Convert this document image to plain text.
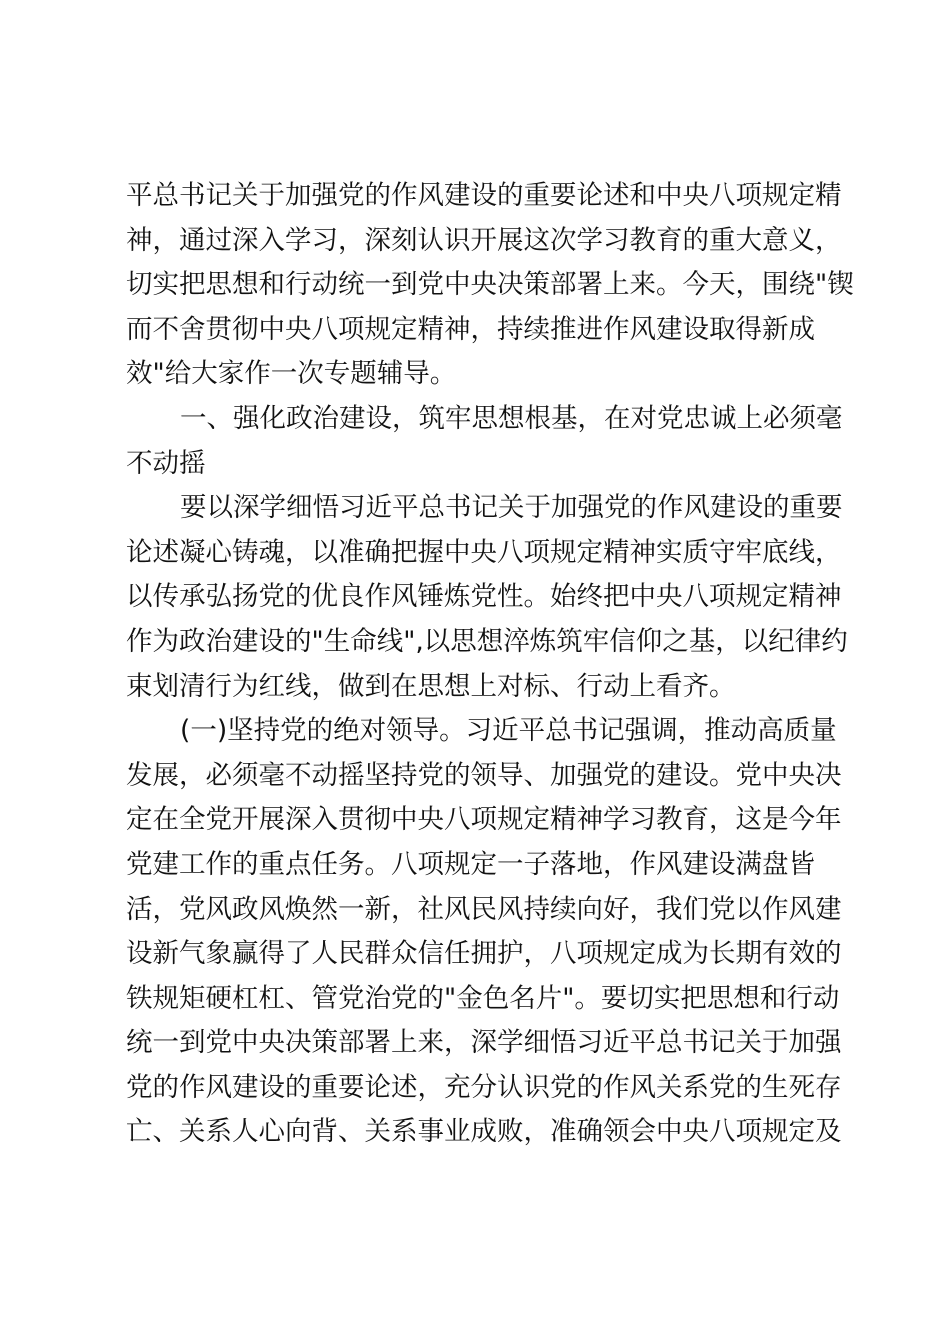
平总书记关于加强党的作风建设的重要论述和中央八项规定精
神，通过深入学习，深刻认识开展这次学习教育的重大意义，
切实把思想和行动统一到党中央决策部署上来。今天，围绕"锲
而不舍贯彻中央八项规定精神，持续推进作风建设取得新成
效"给大家作一次专题辅导。
一、强化政治建设，筑牢思想根基，在对党忠诚上必须毫
不动摇
要以深学细悟习近平总书记关于加强党的作风建设的重要
论述凝心铸魂，以准确把握中央八项规定精神实质守牢底线，
以传承弘扬党的优良作风锤炼党性。始终把中央八项规定精神
作为政治建设的"生命线",以思想淬炼筑牢信仰之基，以纪律约
束划清行为红线，做到在思想上对标、行动上看齐。
(一)坚持党的绝对领导。习近平总书记强调，推动高质量
发展，必须毫不动摇坚持党的领导、加强党的建设。党中央决
定在全党开展深入贯彻中央八项规定精神学习教育，这是今年
党建工作的重点任务。八项规定一子落地，作风建设满盘皆
活，党风政风焕然一新，社风民风持续向好，我们党以作风建
设新气象赢得了人民群众信任拥护，八项规定成为长期有效的
铁规矩硬杠杠、管党治党的"金色名片"。要切实把思想和行动
统一到党中央决策部署上来，深学细悟习近平总书记关于加强
党的作风建设的重要论述，充分认识党的作风关系党的生死存
亡、关系人心向背、关系事业成败，准确领会中央八项规定及
